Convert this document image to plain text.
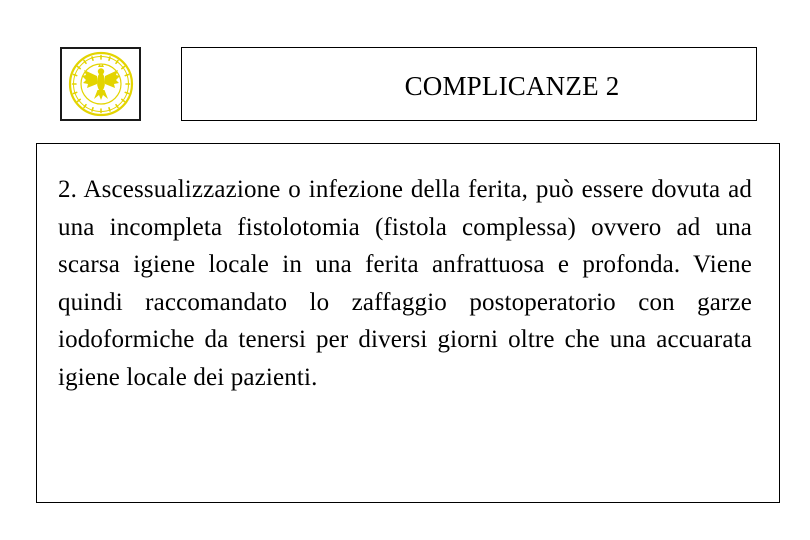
COMPLICANZE 2

2. Ascessualizzazione o infezione della ferita, può essere dovuta ad una incompleta fistolotomia (fistola complessa) ovvero ad una scarsa igiene locale in una ferita anfrattuosa e profonda. Viene quindi raccomandato lo zaffaggio postoperatorio con garze iodoformiche da tenersi per diversi giorni oltre che una accuarata igiene locale dei pazienti.
